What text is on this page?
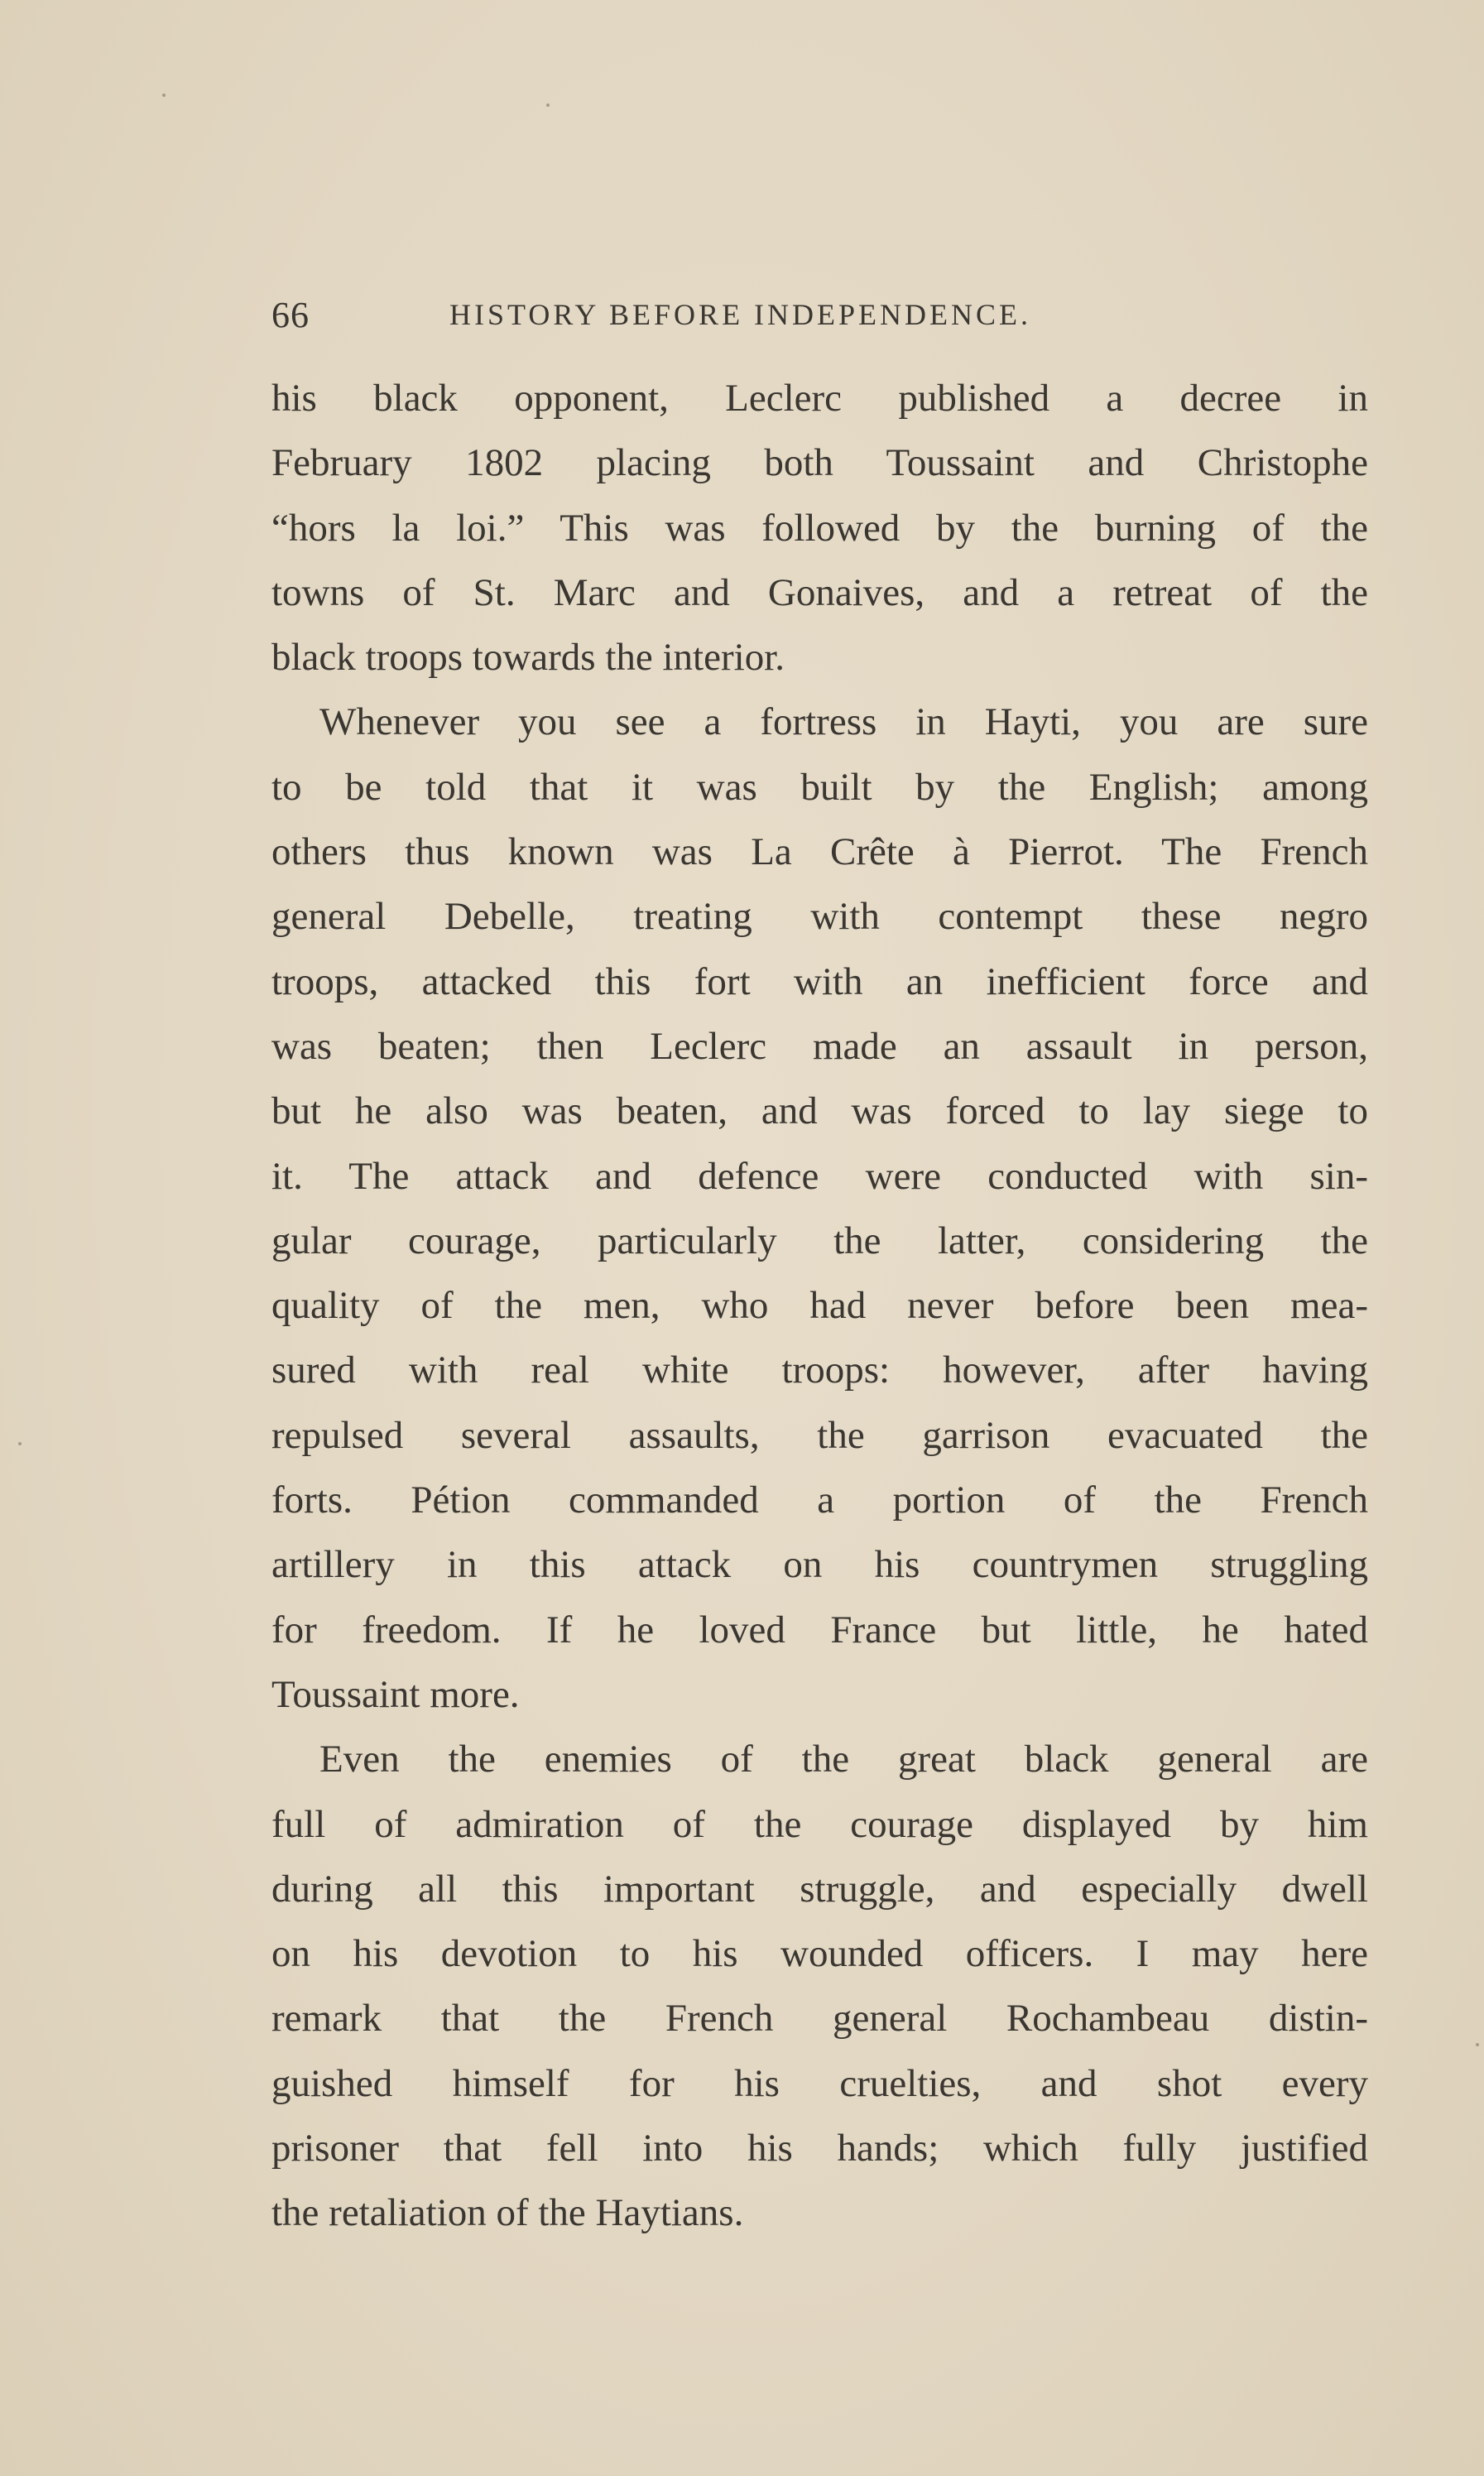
66	HISTORY BEFORE INDEPENDENCE.
his black opponent, Leclerc published a decree in
February 1802 placing both Toussaint and Christophe
“hors la loi.” This was followed by the burning of the
towns of St. Marc and Gonaives, and a retreat of the
black troops towards the interior.
Whenever you see a fortress in Hayti, you are sure
to be told that it was built by the English; among
others thus known was La Crête à Pierrot. The French
general Debelle, treating with contempt these negro
troops, attacked this fort with an inefficient force and
was beaten; then Leclerc made an assault in person,
but he also was beaten, and was forced to lay siege to
it. The attack and defence were conducted with sin-
gular courage, particularly the latter, considering the
quality of the men, who had never before been mea-
sured with real white troops: however, after having
repulsed several assaults, the garrison evacuated the
forts. Pétion commanded a portion of the French
artillery in this attack on his countrymen struggling
for freedom. If he loved France but little, he hated
Toussaint more.
Even the enemies of the great black general are
full of admiration of the courage displayed by him
during all this important struggle, and especially dwell
on his devotion to his wounded officers. I may here
remark that the French general Rochambeau distin-
guished himself for his cruelties, and shot every
prisoner that fell into his hands; which fully justified
the retaliation of the Haytians.
